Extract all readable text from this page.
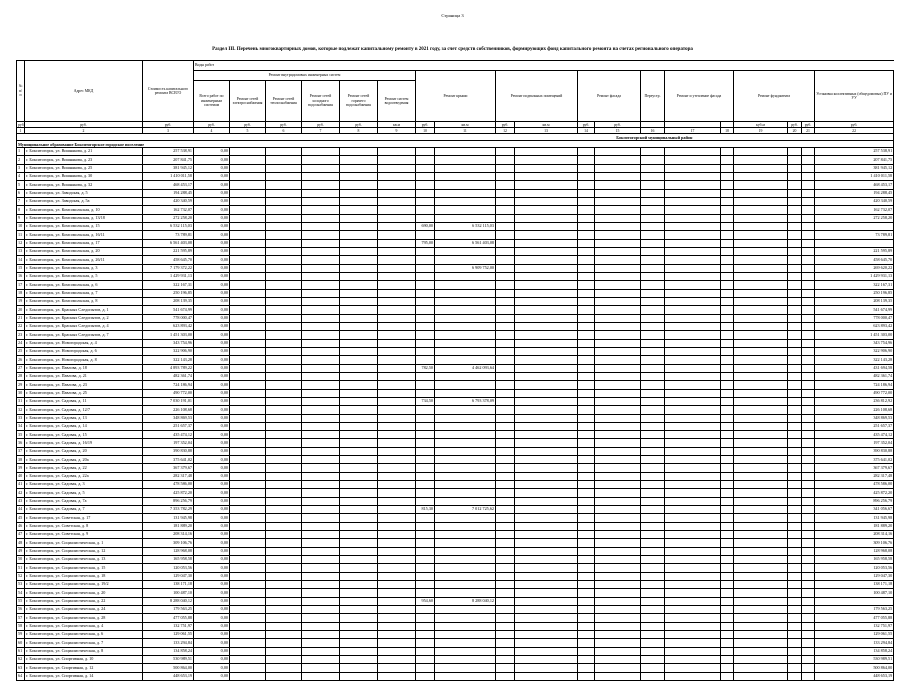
Страница 3
Раздел III. Перечень многоквартирных домов, которые подлежат капитальному ремонту в 2021 году, за счет средств собственников, формирующих фонд капитального ремонта на счетах регионального оператора
№ п/п	Адрес МКД	Стоимость капитального ремонта ВСЕГО	Виды работ																			
			Ремонт внутридомовых инженерных систем						Ремонт крыши		Ремонт подвальных помещений		Ремонт фасада		Переустр.	Ремонт и утепление фасада		Ремонт фундамента			Установка коллективных (общедомовых) ПУ и УУ	
			Всего работ по инженерным системам	Ремонт сетей электроснабжения	Ремонт сетей теплоснабжения	Ремонт сетей холодного водоснабжения	Ремонт сетей горячего водоснабжения	Ремонт систем водоотведения														
руб.	руб.	руб.	руб.	руб.	руб.	руб.	руб.	кв.м	руб.	кв.м	руб.	кв.м	руб.	руб.				куб.м	руб.	руб.	руб.	
1	2	3	4	5	6	7	8	9	10	11	12	13	14	15	16	17	18	19	20	21	22	
									Бокситогорский муниципальный район													
Муниципальное образование Бокситогорское городское поселение																						
1	г. Бокситогорск, ул. Вишнякова, д. 21	257 538,91	0,00																		257 538,91	
2	г. Бокситогорск, ул. Вишнякова, д. 23	207 841,75	0,00																		207 841,75	
3	г. Бокситогорск, ул. Вишнякова, д. 25	381 945,12	0,00																		381 945,12	
4	г. Бокситогорск, ул. Вишнякова, д. 30	1 410 011,58	0,00																		1 410 011,58	
5	г. Бокситогорск, ул. Вишнякова, д. 32	468 453,17	0,00																		468 453,17	
6	г. Бокситогорск, ул. Заводская, д. 5	194 288,45	0,00																		194 288,45	
7	г. Бокситогорск, ул. Заводская, д. 5а	420 340,59	0,00																		420 340,59	
8	г. Бокситогорск, ул. Комсомольская, д. 10	162 732,07	0,00																		162 732,07	
9	г. Бокситогорск, ул. Комсомольская, д. 13/18	272 258,20	0,00																		272 258,20	
10	г. Бокситогорск, ул. Комсомольская, д. 15	6 532 115,03	0,00						690,00	6 532 115,03												
11	г. Бокситогорск, ул. Комсомольская, д. 16/11	73 789,81	0,00																		73 789,81	
12	г. Бокситогорск, ул. Комсомольская, д. 17	6 561 403,08	0,00						795,00	6 561 403,08												
13	г. Бокситогорск, ул. Комсомольская, д. 20	221 595,89	0,00																		221 595,89	
14	г. Бокситогорск, ул. Комсомольская, д. 26/11	458 645,70	0,00																		458 645,70	
15	г. Бокситогорск, ул. Комсомольская, д. 3	7 179 372,22	0,00							6 909 752,00											269 620,22	
16	г. Бокситогорск, ул. Комсомольская, д. 5	1 429 931,13	0,00																		1 429 931,13	
17	г. Бокситогорск, ул. Комсомольская, д. 6	322 167,31	0,00																		322 167,31	
18	г. Бокситогорск, ул. Комсомольская, д. 7	250 196,85	0,00																		250 196,85	
19	г. Бокситогорск, ул. Комсомольская, д. 8	208 139,35	0,00																		208 139,35	
20	г. Бокситогорск, ул. Красных Следопытов, д. 1	541 674,99	0,00																		541 674,99	
21	г. Бокситогорск, ул. Красных Следопытов, д. 2	778 000,47	0,00																		778 000,47	
22	г. Бокситогорск, ул. Красных Следопытов, д. 4	623 893,42	0,00																		623 893,42	
23	г. Бокситогорск, ул. Красных Следопытов, д. 7	1 451 303,00	0,00																		1 451 303,00	
24	г. Бокситогорск, ул. Новогородская, д. 4	343 754,96	0,00																		343 754,96	
25	г. Бокситогорск, ул. Новогородская, д. 6	322 906,90	0,00																		322 906,90	
26	г. Бокситогорск, ул. Новогородская, д. 8	322 143,28	0,00																		322 143,28	
27	г. Бокситогорск, ул. Павлова, д. 18	4 893 789,22	0,00						782,50	4 462 093,64											431 694,58	
28	г. Бокситогорск, ул. Павлова, д. 21	482 361,74	0,00																		482 361,74	
29	г. Бокситогорск, ул. Павлова, д. 23	724 186,94	0,00																		724 186,94	
30	г. Бокситогорск, ул. Павлова, д. 25	490 772,00	0,00																		490 772,00	
31	г. Бокситогорск, ул. Садовая, д. 11	7 030 191,01	0,00						734,50	6 793 378,09											236 812,92	
32	г. Бокситогорск, ул. Садовая, д. 12/7	226 108,68	0,00																		226 108,68	
33	г. Бокситогорск, ул. Садовая, д. 13	348 869,53	0,00																		348 869,53	
34	г. Бокситогорск, ул. Садовая, д. 14	251 657,37	0,00																		251 657,37	
35	г. Бокситогорск, ул. Садовая, д. 15	435 474,12	0,00																		435 474,12	
36	г. Бокситогорск, ул. Садовая, д. 16/19	197 352,04	0,00																		197 352,04	
37	г. Бокситогорск, ул. Садовая, д. 20	390 830,88	0,00																		390 830,88	
38	г. Бокситогорск, ул. Садовая, д. 20а	375 641,02	0,00																		375 641,02	
39	г. Бокситогорск, ул. Садовая, д. 22	367 379,67	0,00																		367 379,67	
40	г. Бокситогорск, ул. Садовая, д. 22а	282 317,48	0,00																		282 317,48	
41	г. Бокситогорск, ул. Садовая, д. 3	478 586,00	0,00																		478 586,00	
42	г. Бокситогорск, ул. Садовая, д. 5	425 872,20	0,00																		425 872,20	
43	г. Бокситогорск, ул. Садовая, д. 7а	896 256,79	0,00																		896 256,79	
44	г. Бокситогорск, ул. Садовая, д. 7	7 353 782,29	0,00						815,30	7 012 725,62											341 056,67	
45	г. Бокситогорск, ул. Советская, д. 17	131 945,98	0,00																		131 945,98	
46	г. Бокситогорск, ул. Советская, д. 8	181 889,20	0,00																		181 889,20	
47	г. Бокситогорск, ул. Советская, д. 9	208 314,16	0,00																		208 314,16	
48	г. Бокситогорск, ул. Социалистическая, д. 1	309 106,76	0,00																		309 106,76	
49	г. Бокситогорск, ул. Социалистическая, д. 12	128 968,08	0,00																		128 968,08	
50	г. Бокситогорск, ул. Социалистическая, д. 13	165 958,58	0,00																		165 958,58	
51	г. Бокситогорск, ул. Социалистическая, д. 15	120 053,56	0,00																		120 053,56	
52	г. Бокситогорск, ул. Социалистическая, д. 18	129 047,30	0,00																		129 047,30	
53	г. Бокситогорск, ул. Социалистическая, д. 19/2	138 171,18	0,00																		138 171,18	
54	г. Бокситогорск, ул. Социалистическая, д. 20	100 487,10	0,00																		100 487,10	
55	г. Бокситогорск, ул. Социалистическая, д. 22	8 288 040,12	0,00						954,60	8 288 040,12												
56	г. Бокситогорск, ул. Социалистическая, д. 24	179 563,25	0,00																		179 563,25	
57	г. Бокситогорск, ул. Социалистическая, д. 28	477 055,88	0,00																		477 055,88	
58	г. Бокситогорск, ул. Социалистическая, д. 4	132 751,97	0,00																		132 751,97	
59	г. Бокситогорск, ул. Социалистическая, д. 6	129 061,55	0,00																		129 061,55	
60	г. Бокситогорск, ул. Социалистическая, д. 7	133 294,84	0,00																		133 294,84	
61	г. Бокситогорск, ул. Социалистическая, д. 8	134 858,24	0,00																		134 858,24	
62	г. Бокситогорск, ул. Спортивная, д. 10	530 989,51	0,00																		530 989,51	
63	г. Бокситогорск, ул. Спортивная, д. 12	500 864,00	0,00																		500 864,00	
64	г. Бокситогорск, ул. Спортивная, д. 14	448 653,19	0,00																		448 653,19	
